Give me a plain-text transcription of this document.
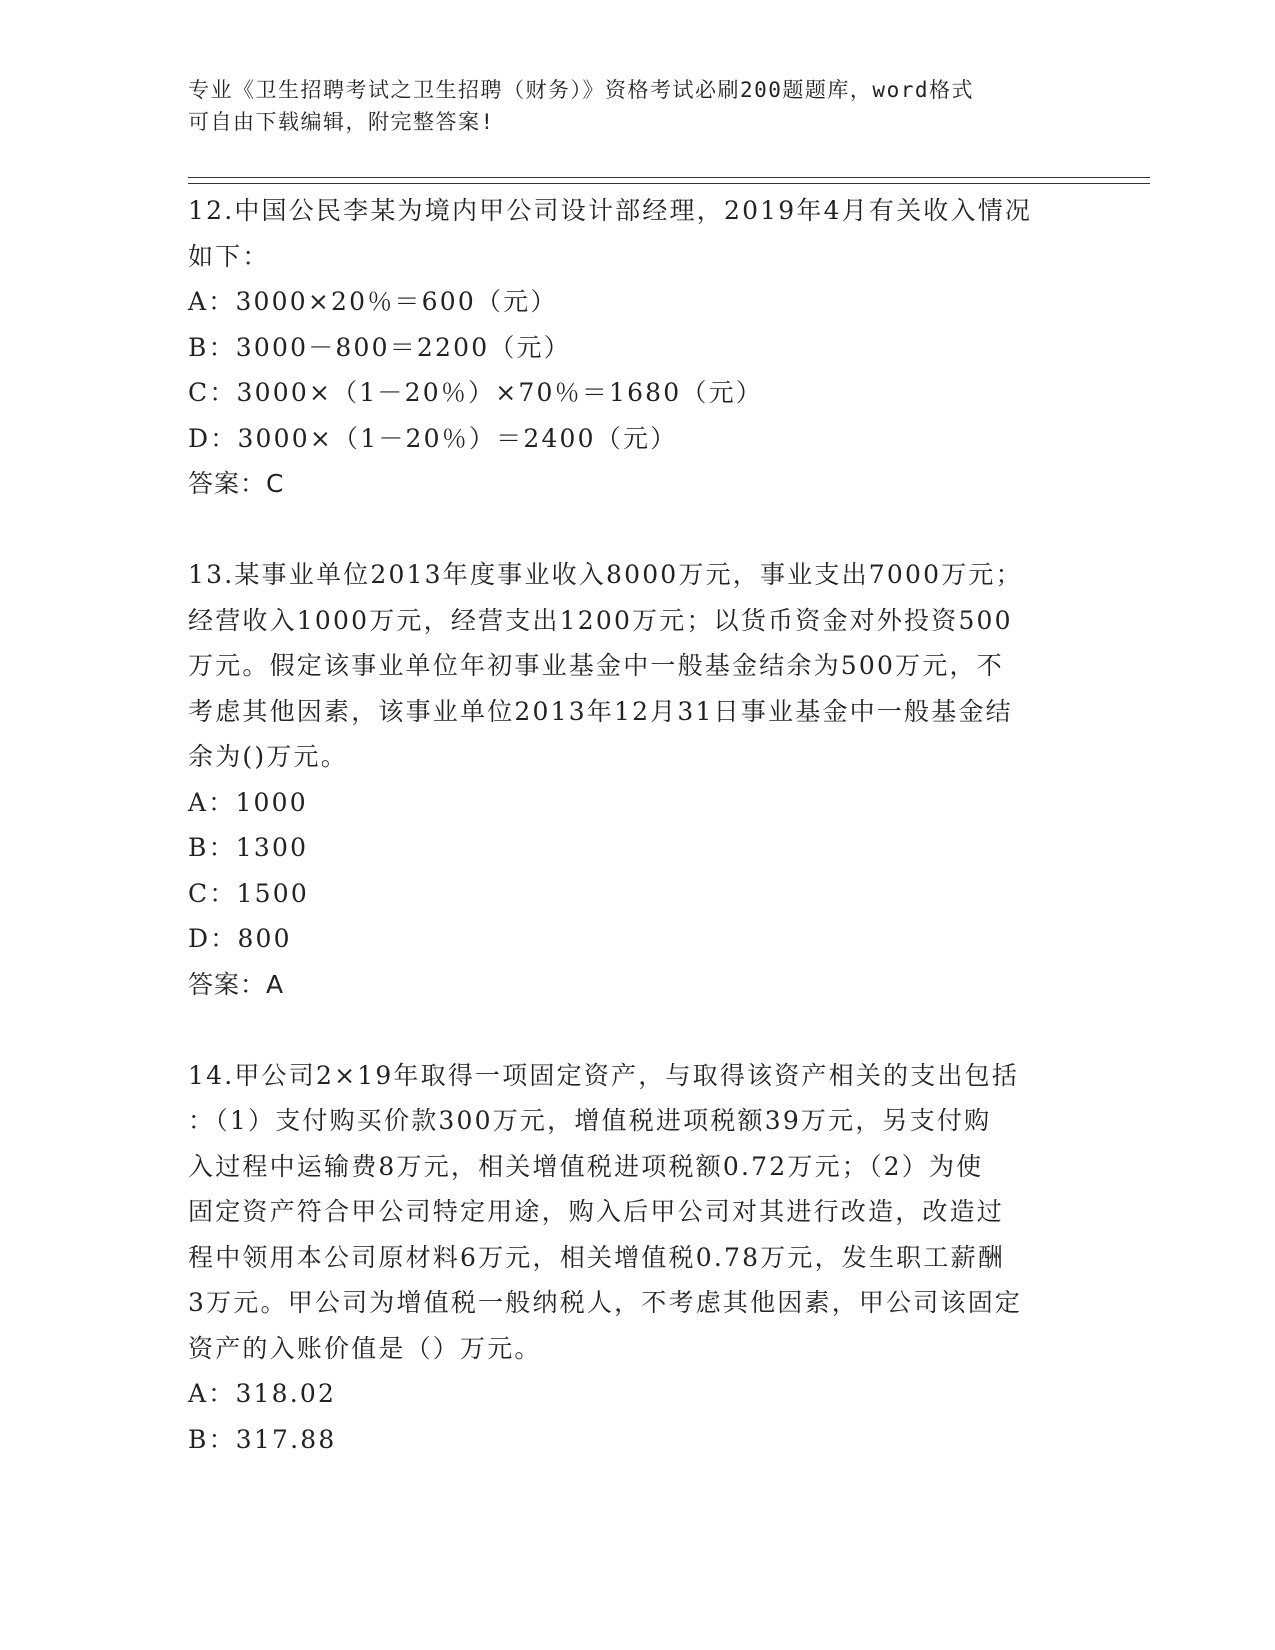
专业《卫生招聘考试之卫生招聘（财务）》资格考试必刷200题题库，word格式
可自由下载编辑，附完整答案!
12.中国公民李某为境内甲公司设计部经理，2019年4月有关收入情况
如下：
A：3000×20％＝600（元）
B：3000－800＝2200（元）
C：3000×（1－20％）×70％＝1680（元）
D：3000×（1－20％）＝2400（元）
答案：C
13.某事业单位2013年度事业收入8000万元，事业支出7000万元；
经营收入1000万元，经营支出1200万元；以货币资金对外投资500
万元。假定该事业单位年初事业基金中一般基金结余为500万元，不
考虑其他因素，该事业单位2013年12月31日事业基金中一般基金结
余为()万元。
A：1000
B：1300
C：1500
D：800
答案：A
14.甲公司2×19年取得一项固定资产，与取得该资产相关的支出包括
：（1）支付购买价款300万元，增值税进项税额39万元，另支付购
入过程中运输费8万元，相关增值税进项税额0.72万元；（2）为使
固定资产符合甲公司特定用途，购入后甲公司对其进行改造，改造过
程中领用本公司原材料6万元，相关增值税0.78万元，发生职工薪酬
3万元。甲公司为增值税一般纳税人，不考虑其他因素，甲公司该固定
资产的入账价值是（）万元。
A：318.02
B：317.88
